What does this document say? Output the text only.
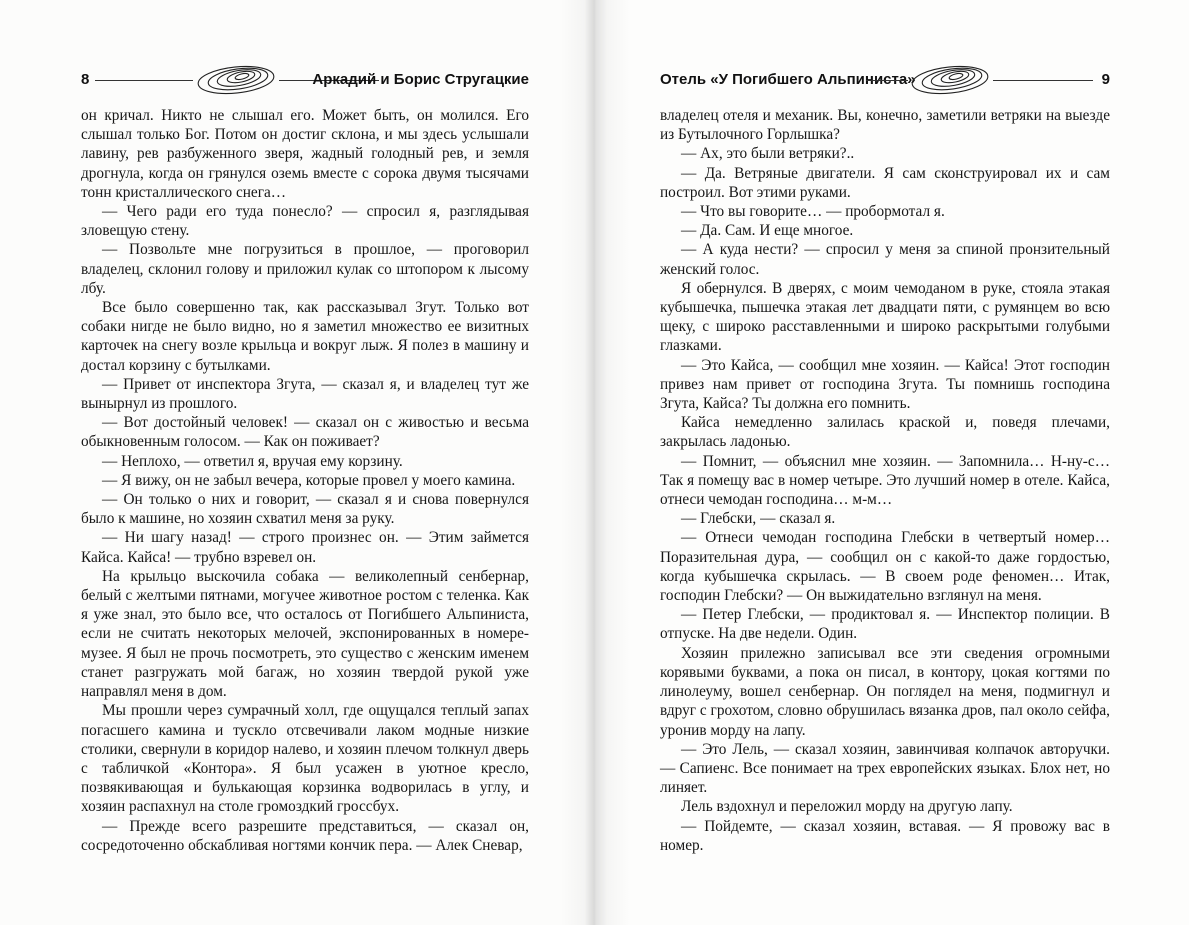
8	Аркадий и Борис Стругацкие

он кричал. Никто не слышал его. Может быть, он молился. Его слышал только Бог. Потом он достиг склона, и мы здесь услышали лавину, рев разбуженного зверя, жадный голодный рев, и земля дрогнула, когда он грянулся оземь вместе с сорока двумя тысячами тонн кристаллического снега…

— Чего ради его туда понесло? — спросил я, разглядывая зловещую стену.

— Позвольте мне погрузиться в прошлое, — проговорил владелец, склонил голову и приложил кулак со штопором к лысому лбу.

Все было совершенно так, как рассказывал Згут. Только вот собаки нигде не было видно, но я заметил множество ее визитных карточек на снегу возле крыльца и вокруг лыж. Я полез в машину и достал корзину с бутылками.

— Привет от инспектора Згута, — сказал я, и владелец тут же вынырнул из прошлого.

— Вот достойный человек! — сказал он с живостью и весьма обыкновенным голосом. — Как он поживает?

— Неплохо, — ответил я, вручая ему корзину.

— Я вижу, он не забыл вечера, которые провел у моего камина.

— Он только о них и говорит, — сказал я и снова повернулся было к машине, но хозяин схватил меня за руку.

— Ни шагу назад! — строго произнес он. — Этим займется Кайса. Кайса! — трубно взревел он.

На крыльцо выскочила собака — великолепный сенбернар, белый с желтыми пятнами, могучее животное ростом с теленка. Как я уже знал, это было все, что осталось от Погибшего Альпиниста, если не считать некоторых мелочей, экспонированных в номере-музее. Я был не прочь посмотреть, это существо с женским именем станет разгружать мой багаж, но хозяин твердой рукой уже направлял меня в дом.

Мы прошли через сумрачный холл, где ощущался теплый запах погасшего камина и тускло отсвечивали лаком модные низкие столики, свернули в коридор налево, и хозяин плечом толкнул дверь с табличкой «Контора». Я был усажен в уютное кресло, позвякивающая и булькающая корзинка водворилась в углу, и хозяин распахнул на столе громоздкий гроссбух.

— Прежде всего разрешите представиться, — сказал он, сосредоточенно обскабливая ногтями кончик пера. — Алек Сневар,

Отель «У Погибшего Альпиниста»	9

владелец отеля и механик. Вы, конечно, заметили ветряки на выезде из Бутылочного Горлышка?

— Ах, это были ветряки?..

— Да. Ветряные двигатели. Я сам сконструировал их и сам построил. Вот этими руками.

— Что вы говорите… — пробормотал я.

— Да. Сам. И еще многое.

— А куда нести? — спросил у меня за спиной пронзительный женский голос.

Я обернулся. В дверях, с моим чемоданом в руке, стояла этакая кубышечка, пышечка этакая лет двадцати пяти, с румянцем во всю щеку, с широко расставленными и широко раскрытыми голубыми глазками.

— Это Кайса, — сообщил мне хозяин. — Кайса! Этот господин привез нам привет от господина Згута. Ты помнишь господина Згута, Кайса? Ты должна его помнить.

Кайса немедленно залилась краской и, поведя плечами, закрылась ладонью.

— Помнит, — объяснил мне хозяин. — Запомнила… Н-ну-с… Так я помещу вас в номер четыре. Это лучший номер в отеле. Кайса, отнеси чемодан господина… м-м…

— Глебски, — сказал я.

— Отнеси чемодан господина Глебски в четвертый номер… Поразительная дура, — сообщил он с какой-то даже гордостью, когда кубышечка скрылась. — В своем роде феномен… Итак, господин Глебски? — Он выжидательно взглянул на меня.

— Петер Глебски, — продиктовал я. — Инспектор полиции. В отпуске. На две недели. Один.

Хозяин прилежно записывал все эти сведения огромными корявыми буквами, а пока он писал, в контору, цокая когтями по линолеуму, вошел сенбернар. Он поглядел на меня, подмигнул и вдруг с грохотом, словно обрушилась вязанка дров, пал около сейфа, уронив морду на лапу.

— Это Лель, — сказал хозяин, завинчивая колпачок авторучки. — Сапиенс. Все понимает на трех европейских языках. Блох нет, но линяет.

Лель вздохнул и переложил морду на другую лапу.

— Пойдемте, — сказал хозяин, вставая. — Я провожу вас в номер.
